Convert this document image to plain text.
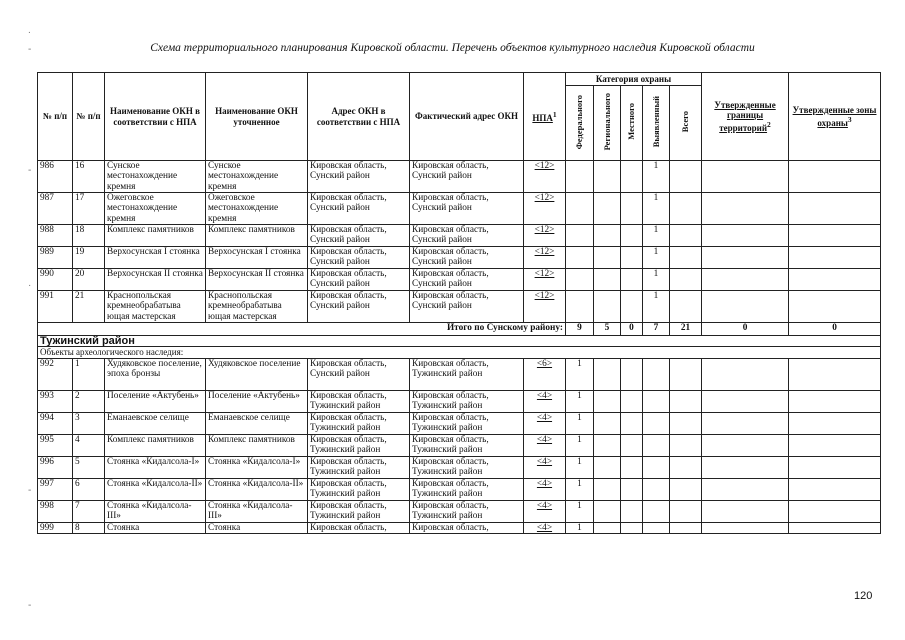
Схема территориального планирования Кировской области. Перечень объектов культурного наследия Кировской области
.
-
-
·
-
-
№ п/п	№ п/п	Наименование ОКН в соответствии с НПА	Наименование ОКН уточненное	Адрес ОКН в соответствии с НПА	Фактический адрес ОКН	НПА$^1$	Категория охраны					Утвержденные границы территорий$^2$	Утвержденные зоны охраны$^3$
							Федерального	Регионального	Местного	Выявленный	Всего		
986	16	Сунское местонахождение кремня	Сунское местонахождение кремня	Кировская область, Сунский район	Кировская область, Сунский район	<12>				1			
987	17	Ожеговское местонахождение кремня	Ожеговское местонахождение кремня	Кировская область, Сунский район	Кировская область, Сунский район	<12>				1			
988	18	Комплекс памятников	Комплекс памятников	Кировская область, Сунский район	Кировская область, Сунский район	<12>				1			
989	19	Верхосунская I стоянка	Верхосунская I стоянка	Кировская область, Сунский район	Кировская область, Сунский район	<12>				1			
990	20	Верхосунская II стоянка	Верхосунская II стоянка	Кировская область, Сунский район	Кировская область, Сунский район	<12>				1			
991	21	Краснопольская кремнеобрабатыва ющая мастерская	Краснопольская кремнеобрабатыва ющая мастерская	Кировская область, Сунский район	Кировская область, Сунский район	<12>				1			
Итого по Сунскому району:							9	5	0	7	21	0	0
Тужинский район													
Объекты археологического наследия:													
992	1	Худяковское поселение, эпоха бронзы	Худяковское поселение	Кировская область, Сунский район	Кировская область, Тужинский район	<6>	1						
993	2	Поселение «Актубень»	Поселение «Актубень»	Кировская область, Тужинский район	Кировская область, Тужинский район	<4>	1						
994	3	Еманаевское селище	Еманаевское селище	Кировская область, Тужинский район	Кировская область, Тужинский район	<4>	1						
995	4	Комплекс памятников	Комплекс памятников	Кировская область, Тужинский район	Кировская область, Тужинский район	<4>	1						
996	5	Стоянка «Кидалсола-I»	Стоянка «Кидалсола-I»	Кировская область, Тужинский район	Кировская область, Тужинский район	<4>	1						
997	6	Стоянка «Кидалсола-II»	Стоянка «Кидалсола-II»	Кировская область, Тужинский район	Кировская область, Тужинский район	<4>	1						
998	7	Стоянка «Кидалсола-III»	Стоянка «Кидалсола-III»	Кировская область, Тужинский район	Кировская область, Тужинский район	<4>	1						
999	8	Стоянка	Стоянка	Кировская область,	Кировская область,	<4>	1						
120
